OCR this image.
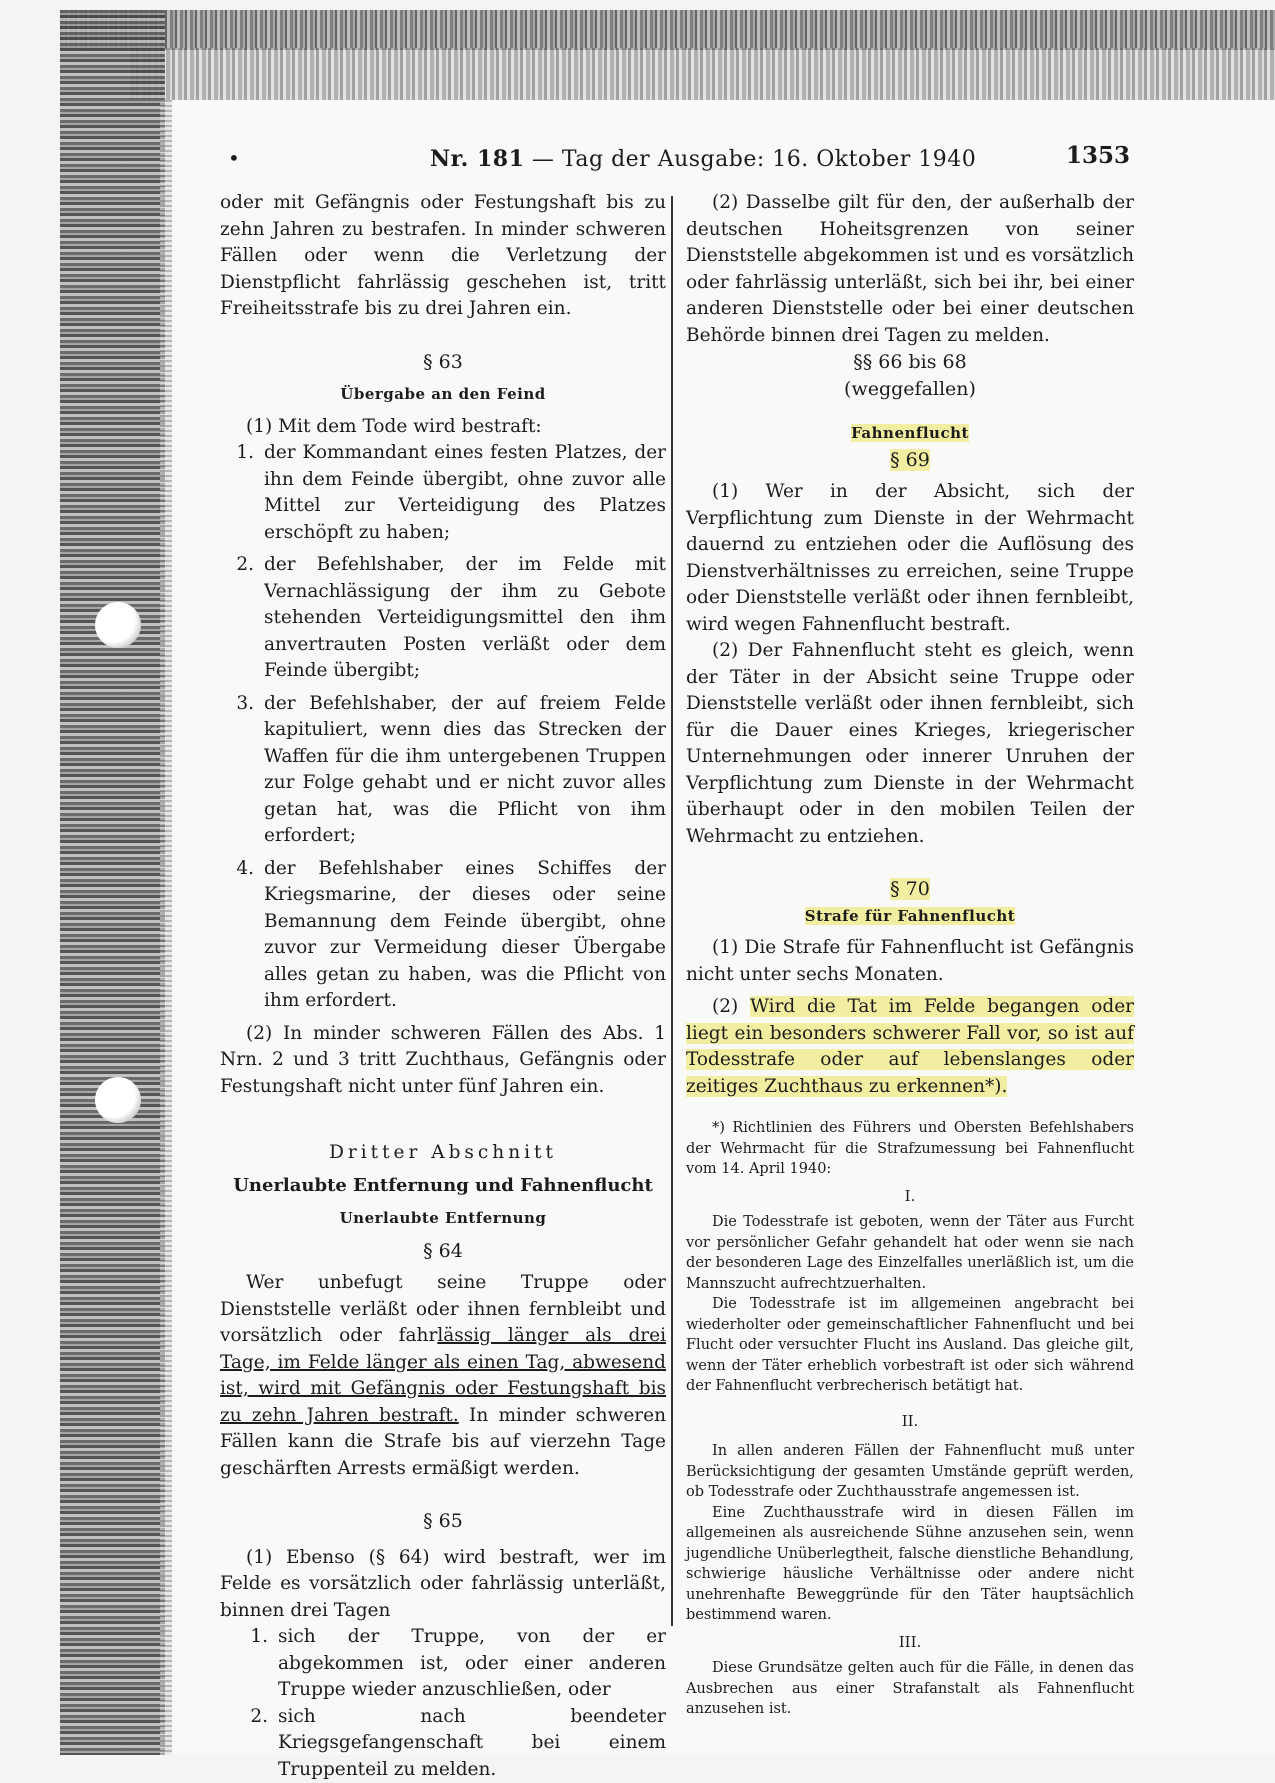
•	Nr. 181 — Tag der Ausgabe: 16. Oktober 1940	1353

oder mit Gefängnis oder Festungshaft bis zu zehn Jahren zu bestrafen. In minder schweren Fällen oder wenn die Verletzung der Dienstpflicht fahrlässig geschehen ist, tritt Freiheitsstrafe bis zu drei Jahren ein.

§ 63

Übergabe an den Feind

(1) Mit dem Tode wird bestraft:

1. der Kommandant eines festen Platzes, der ihn dem Feinde übergibt, ohne zuvor alle Mittel zur Verteidigung des Platzes erschöpft zu haben;
2. der Befehlshaber, der im Felde mit Vernachlässigung der ihm zu Gebote stehenden Verteidigungsmittel den ihm anvertrauten Posten verläßt oder dem Feinde übergibt;
3. der Befehlshaber, der auf freiem Felde kapituliert, wenn dies das Strecken der Waffen für die ihm untergebenen Truppen zur Folge gehabt und er nicht zuvor alles getan hat, was die Pflicht von ihm erfordert;
4. der Befehlshaber eines Schiffes der Kriegsmarine, der dieses oder seine Bemannung dem Feinde übergibt, ohne zuvor zur Vermeidung dieser Übergabe alles getan zu haben, was die Pflicht von ihm erfordert.

(2) In minder schweren Fällen des Abs. 1 Nrn. 2 und 3 tritt Zuchthaus, Gefängnis oder Festungshaft nicht unter fünf Jahren ein.

Dritter Abschnitt

Unerlaubte Entfernung und Fahnenflucht

Unerlaubte Entfernung

§ 64

Wer unbefugt seine Truppe oder Dienststelle verläßt oder ihnen fernbleibt und vorsätzlich oder fahrlässig länger als drei Tage, im Felde länger als einen Tag, abwesend ist, wird mit Gefängnis oder Festungshaft bis zu zehn Jahren bestraft. In minder schweren Fällen kann die Strafe bis auf vierzehn Tage geschärften Arrests ermäßigt werden.

§ 65

(1) Ebenso (§ 64) wird bestraft, wer im Felde es vorsätzlich oder fahrlässig unterläßt, binnen drei Tagen

1. sich der Truppe, von der er abgekommen ist, oder einer anderen Truppe wieder anzuschließen, oder
2. sich nach beendeter Kriegsgefangenschaft bei einem Truppenteil zu melden.

(2) Dasselbe gilt für den, der außerhalb der deutschen Hoheitsgrenzen von seiner Dienststelle abgekommen ist und es vorsätzlich oder fahrlässig unterläßt, sich bei ihr, bei einer anderen Dienststelle oder bei einer deutschen Behörde binnen drei Tagen zu melden.

§§ 66 bis 68

(weggefallen)

Fahnenflucht

§ 69

(1) Wer in der Absicht, sich der Verpflichtung zum Dienste in der Wehrmacht dauernd zu entziehen oder die Auflösung des Dienstverhältnisses zu erreichen, seine Truppe oder Dienststelle verläßt oder ihnen fernbleibt, wird wegen Fahnenflucht bestraft.

(2) Der Fahnenflucht steht es gleich, wenn der Täter in der Absicht seine Truppe oder Dienststelle verläßt oder ihnen fernbleibt, sich für die Dauer eines Krieges, kriegerischer Unternehmungen oder innerer Unruhen der Verpflichtung zum Dienste in der Wehrmacht überhaupt oder in den mobilen Teilen der Wehrmacht zu entziehen.

§ 70

Strafe für Fahnenflucht

(1) Die Strafe für Fahnenflucht ist Gefängnis nicht unter sechs Monaten.

(2) Wird die Tat im Felde begangen oder liegt ein besonders schwerer Fall vor, so ist auf Todesstrafe oder auf lebenslanges oder zeitiges Zuchthaus zu erkennen*).

*) Richtlinien des Führers und Obersten Befehlshabers der Wehrmacht für die Strafzumessung bei Fahnenflucht vom 14. April 1940:

I.

Die Todesstrafe ist geboten, wenn der Täter aus Furcht vor persönlicher Gefahr gehandelt hat oder wenn sie nach der besonderen Lage des Einzelfalles unerläßlich ist, um die Mannszucht aufrechtzuerhalten.

Die Todesstrafe ist im allgemeinen angebracht bei wiederholter oder gemeinschaftlicher Fahnenflucht und bei Flucht oder versuchter Flucht ins Ausland. Das gleiche gilt, wenn der Täter erheblich vorbestraft ist oder sich während der Fahnenflucht verbrecherisch betätigt hat.

II.

In allen anderen Fällen der Fahnenflucht muß unter Berücksichtigung der gesamten Umstände geprüft werden, ob Todesstrafe oder Zuchthausstrafe angemessen ist.

Eine Zuchthausstrafe wird in diesen Fällen im allgemeinen als ausreichende Sühne anzusehen sein, wenn jugendliche Unüberlegtheit, falsche dienstliche Behandlung, schwierige häusliche Verhältnisse oder andere nicht unehrenhafte Beweggründe für den Täter hauptsächlich bestimmend waren.

III.

Diese Grundsätze gelten auch für die Fälle, in denen das Ausbrechen aus einer Strafanstalt als Fahnenflucht anzusehen ist.
